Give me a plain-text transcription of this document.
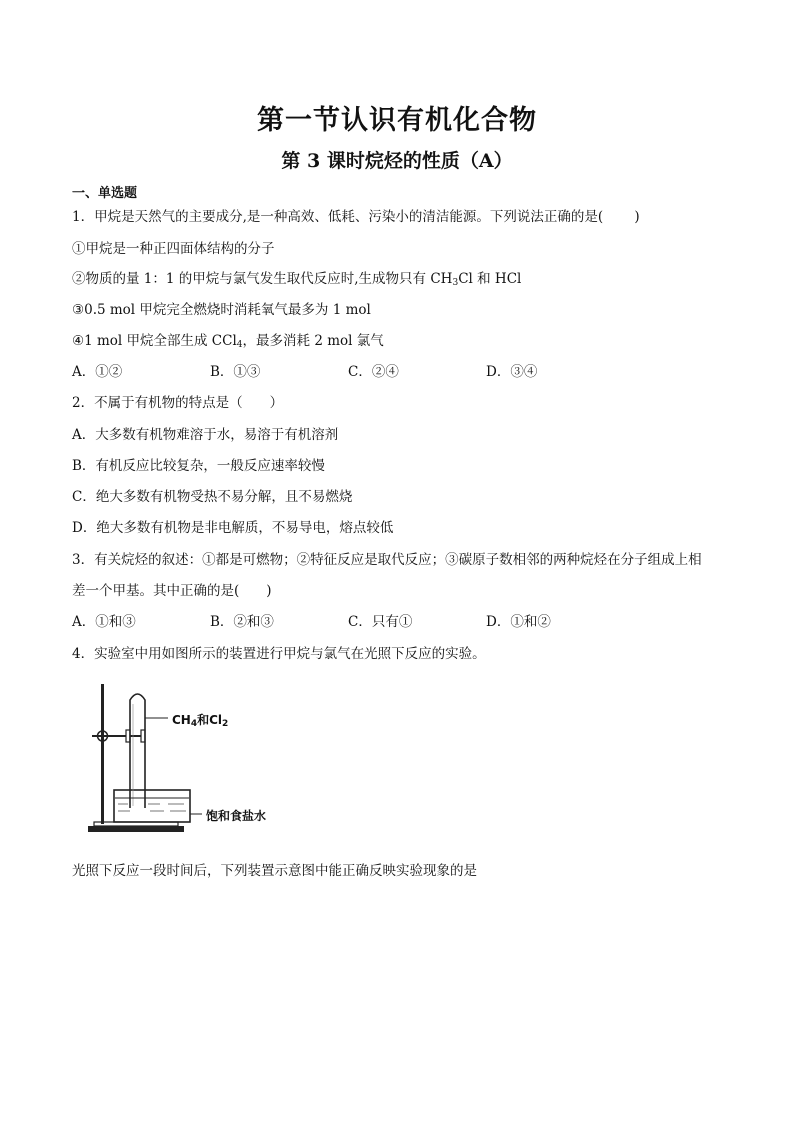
第一节认识有机化合物
第 3 课时烷烃的性质（A）
一、单选题
1．甲烷是天然气的主要成分,是一种高效、低耗、污染小的清洁能源。下列说法正确的是(　　 )
①甲烷是一种正四面体结构的分子
②物质的量 1：1 的甲烷与氯气发生取代反应时,生成物只有 $CH_3Cl$ 和 HCl
③0.5 mol 甲烷完全燃烧时消耗氧气最多为 1 mol
④1 mol 甲烷全部生成 CCl$_4$，最多消耗 2 mol 氯气
A．①②	B．①③	C．②④	D．③④
2．不属于有机物的特点是（　　）
A．大多数有机物难溶于水，易溶于有机溶剂
B．有机反应比较复杂，一般反应速率较慢
C．绝大多数有机物受热不易分解，且不易燃烧
D．绝大多数有机物是非电解质，不易导电，熔点较低
3．有关烷烃的叙述：①都是可燃物；②特征反应是取代反应；③碳原子数相邻的两种烷烃在分子组成上相
差一个甲基。其中正确的是(　　)
A．①和③	B．②和③	C．只有①	D．①和②
4．实验室中用如图所示的装置进行甲烷与氯气在光照下反应的实验。
$CH_4$和$Cl_2$
饱和食盐水
光照下反应一段时间后，下列装置示意图中能正确反映实验现象的是
